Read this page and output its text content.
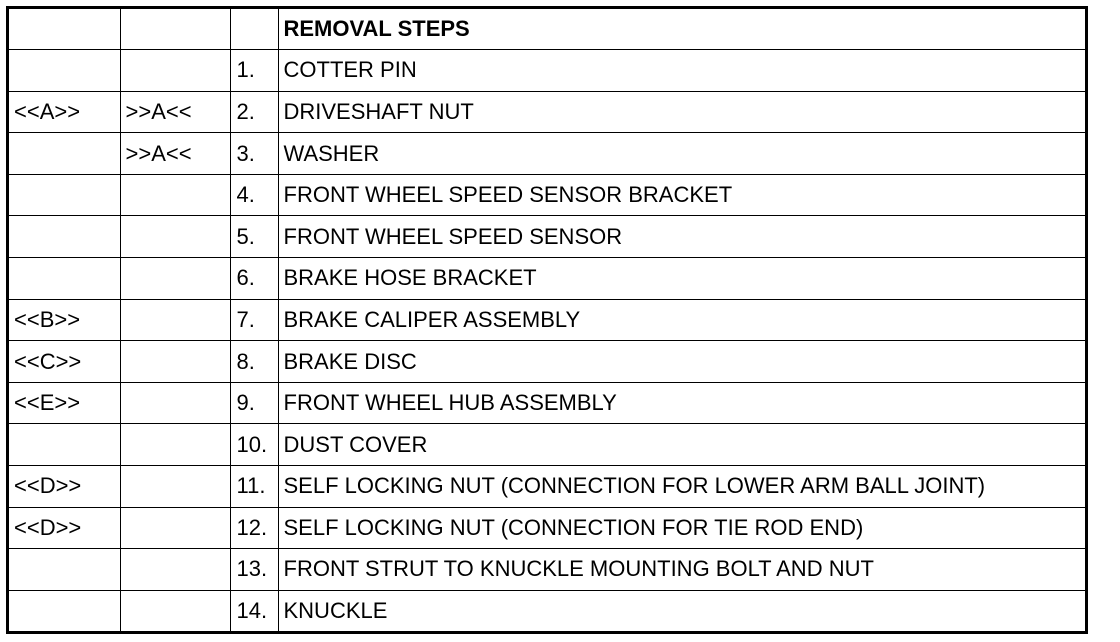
			REMOVAL STEPS
		1.	COTTER PIN
<<A>>	>>A<<	2.	DRIVESHAFT NUT
	>>A<<	3.	WASHER
		4.	FRONT WHEEL SPEED SENSOR BRACKET
		5.	FRONT WHEEL SPEED SENSOR
		6.	BRAKE HOSE BRACKET
<<B>>		7.	BRAKE CALIPER ASSEMBLY
<<C>>		8.	BRAKE DISC
<<E>>		9.	FRONT WHEEL HUB ASSEMBLY
		10.	DUST COVER
<<D>>		11.	SELF LOCKING NUT (CONNECTION FOR LOWER ARM BALL JOINT)
<<D>>		12.	SELF LOCKING NUT (CONNECTION FOR TIE ROD END)
		13.	FRONT STRUT TO KNUCKLE MOUNTING BOLT AND NUT
		14.	KNUCKLE
